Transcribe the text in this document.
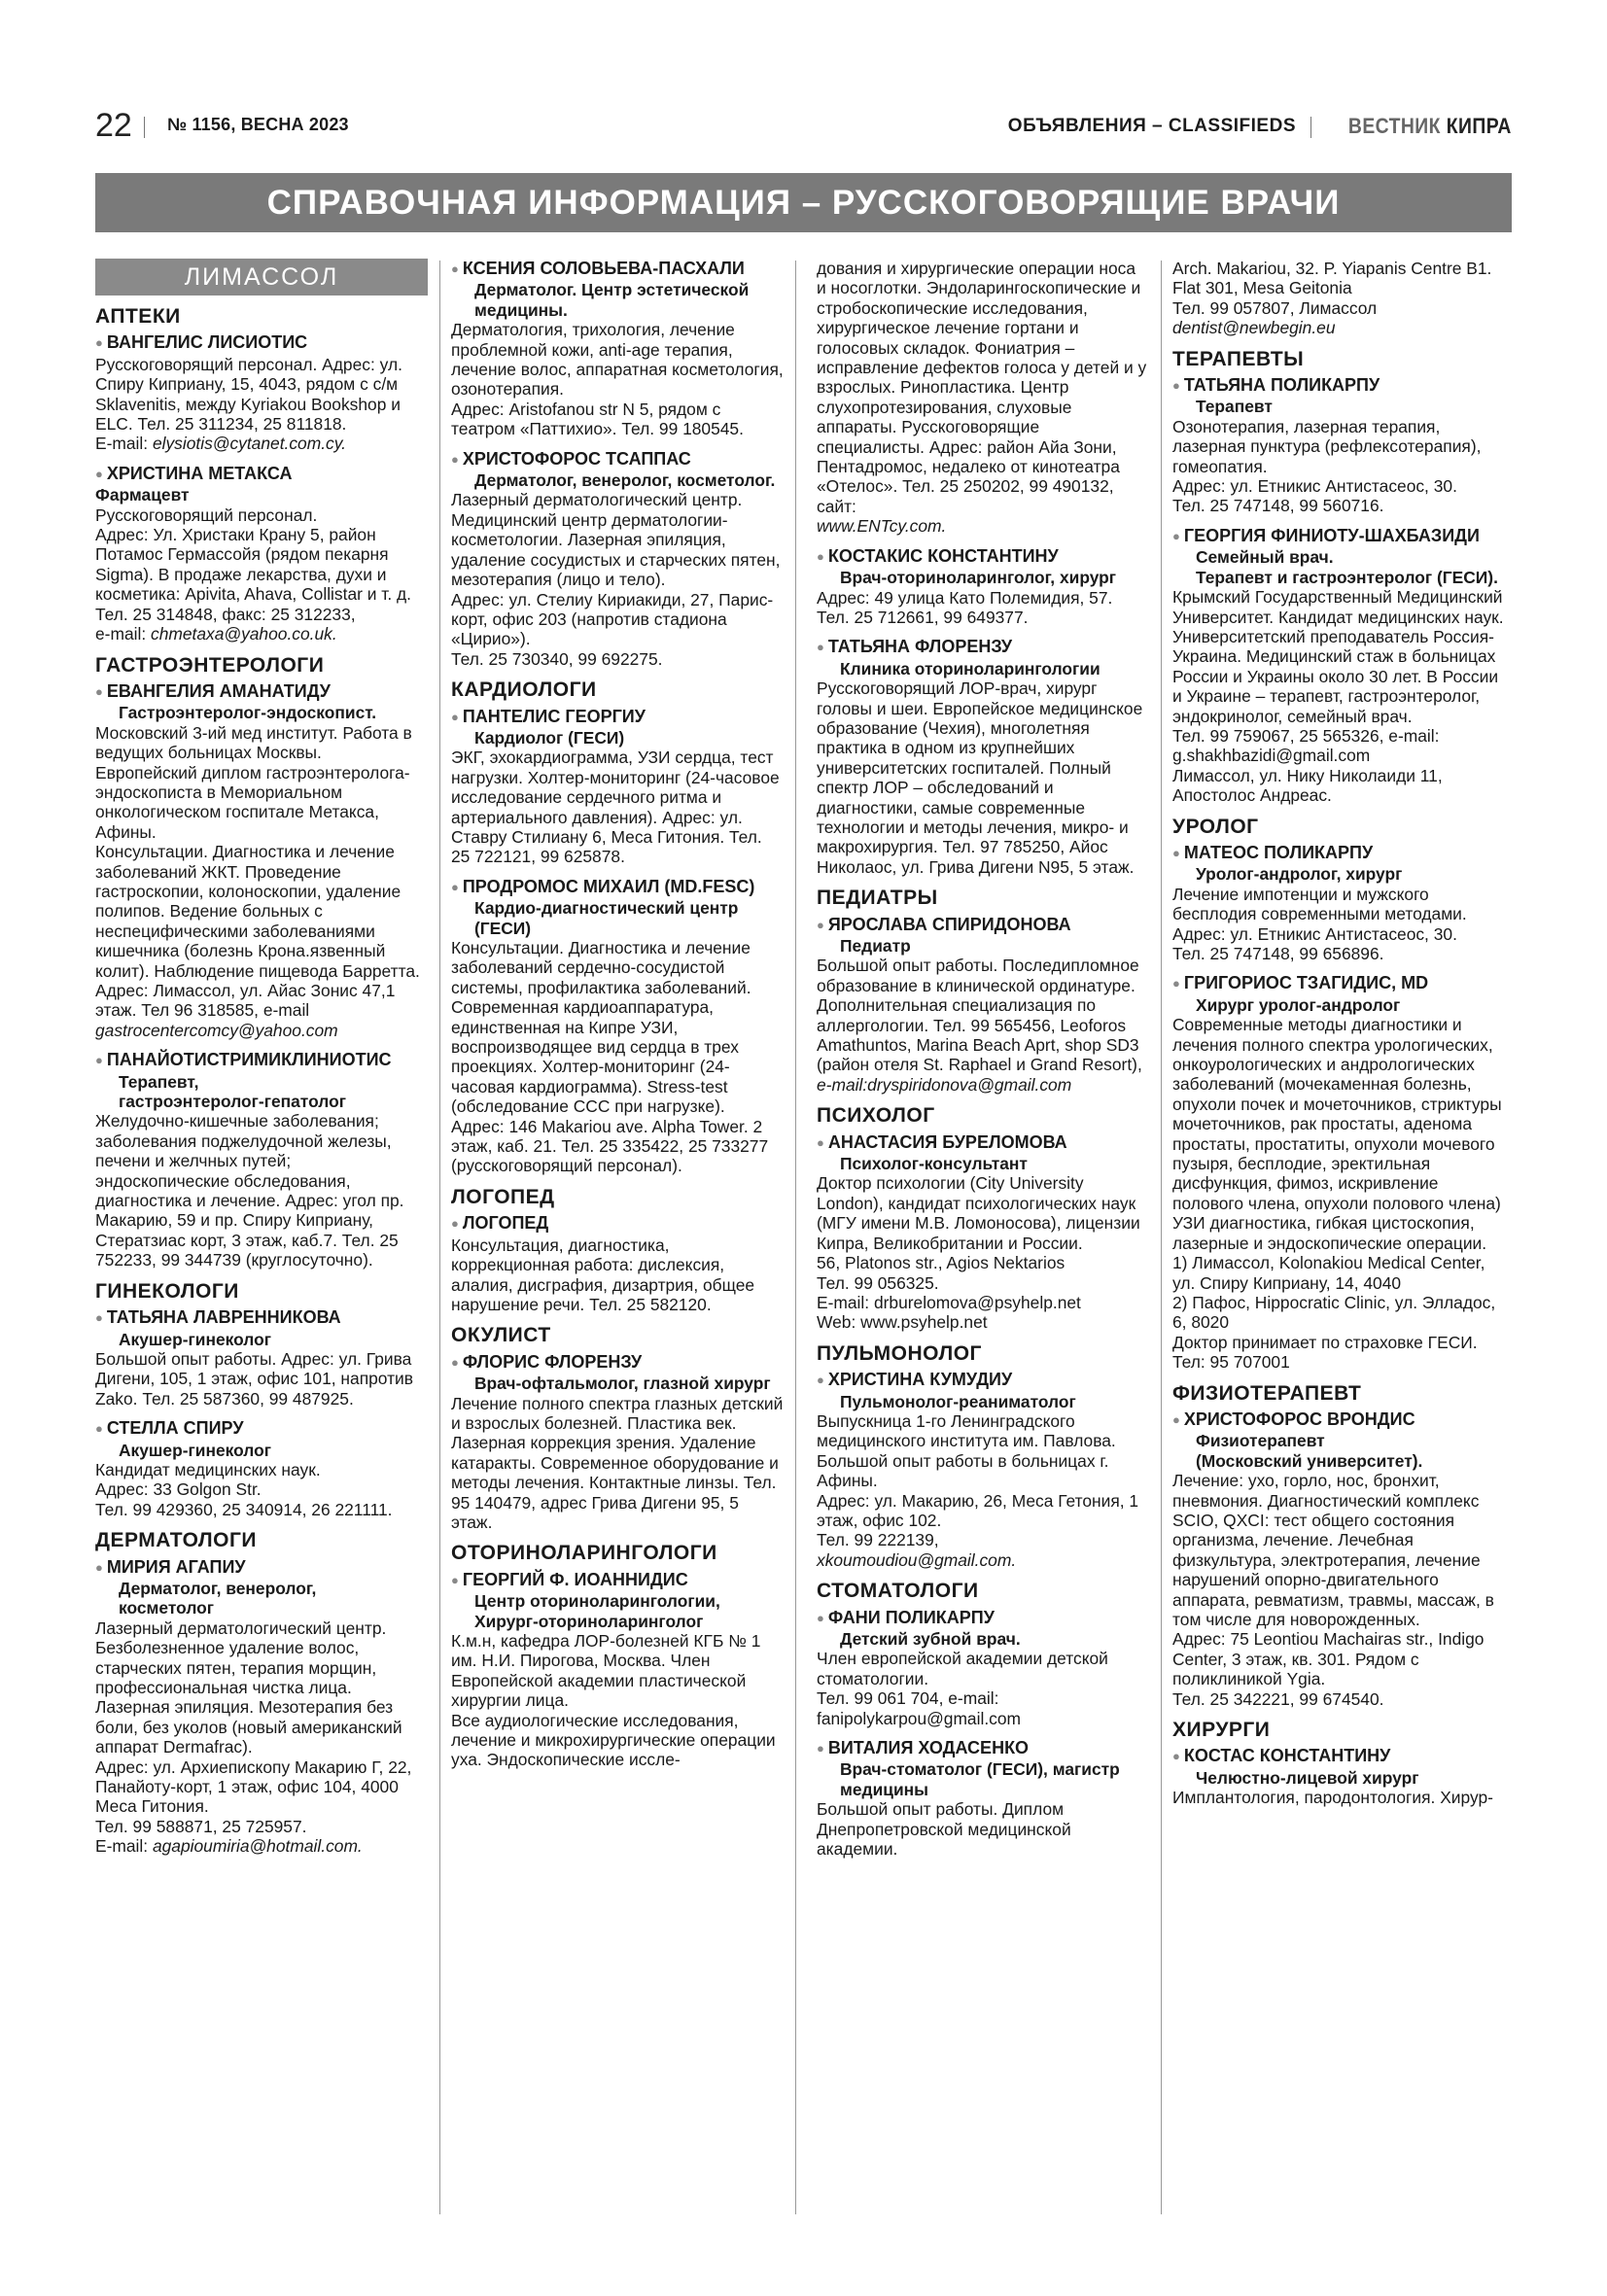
22 № 1156, ВЕСНА 2023	ОБЪЯВЛЕНИЯ – CLASSIFIEDS ВЕСТНИК КИПРА
СПРАВОЧНАЯ ИНФОРМАЦИЯ – РУССКОГОВОРЯЩИЕ ВРАЧИ
ЛИМАССОЛ
АПТЕКИ
● ВАНГЕЛИС ЛИСИОТИС

Русскоговорящий персонал. Адрес: ул. Спиру Киприану, 15, 4043, рядом с с/м Sklavenitis, между Kyriakou Bookshop и ELC. Тел. 25 311234, 25 811818.

E-mail: elysiotis@cytanet.com.cy.

● ХРИСТИНА МЕТАКСА
Фармацевт

Русскоговорящий персонал.

Адрес: Ул. Христаки Крану 5, район Потамос Гермассойя (рядом пекарня Sigma). В продаже лекарства, духи и косметика: Apivita, Ahava, Collistar и т. д. Тел. 25 314848, факс: 25 312233,

e-mail: chmetaxa@yahoo.co.uk.

ГАСТРОЭНТЕРОЛОГИ
● ЕВАНГЕЛИЯ АМАНАТИДУ
Гастроэнтеролог-эндоскопист.

Московский 3-ий мед институт. Работа в ведущих больницах Москвы. Европейский диплом гастроэнтеролога-эндоскописта в Мемориальном онкологическом госпитале Метакса, Афины.

Консультации. Диагностика и лечение заболеваний ЖКТ. Проведение гастроскопии, колоноскопии, удаление полипов. Ведение больных с неспецифическими заболеваниями кишечника (болезнь Крона.язвенный колит). Наблюдение пищевода Барретта. Адрес: Лимассол, ул. Айас Зонис 47,1 этаж. Тел 96 318585, e-mail

gastrocentercomcy@yahoo.com

● ПАНАЙОТИСТРИМИКЛИНИОТИС
Терапевт,
гастроэнтеролог-гепатолог

Желудочно-кишечные заболевания; заболевания поджелудочной железы, печени и желчных путей; эндоскопические обследования, диагностика и лечение. Адрес: угол пр. Макарию, 59 и пр. Спиру Киприану, Стератзиас корт, 3 этаж, каб.7. Тел. 25 752233, 99 344739 (круглосуточно).

ГИНЕКОЛОГИ
● ТАТЬЯНА ЛАВРЕННИКОВА
Акушер-гинеколог

Большой опыт работы. Адрес: ул. Грива Дигени, 105, 1 этаж, офис 101, напротив Zako. Тел. 25 587360, 99 487925.

● СТЕЛЛА СПИРУ
Акушер-гинеколог

Кандидат медицинских наук.

Адрес: 33 Golgon Str.

Тел. 99 429360, 25 340914, 26 221111.

ДЕРМАТОЛОГИ
● МИРИЯ АГАПИУ
Дерматолог, венеролог,
косметолог

Лазерный дерматологический центр. Безболезненное удаление волос, старческих пятен, терапия морщин, профессиональная чистка лица. Лазерная эпиляция. Мезотерапия без боли, без уколов (новый американский аппарат Dermafrac).

Адрес: ул. Архиепископу Макарию Г, 22, Панайоту-корт, 1 этаж, офис 104, 4000 Меса Гитония.

Тел. 99 588871, 25 725957.

E-mail: agapioumiria@hotmail.com.

● КСЕНИЯ СОЛОВЬЕВА-ПАСХАЛИ
Дерматолог. Центр эстетической медицины.

Дерматология, трихология, лечение проблемной кожи, anti-age терапия, лечение волос, аппаратная косметология, озонотерапия.

Адрес: Aristofanou str N 5, рядом с театром «Паттихио». Тел. 99 180545.

● ХРИСТОФОРОС ТСАППАС
Дерматолог, венеролог, косметолог.

Лазерный дерматологический центр. Медицинский центр дерматологии-косметологии. Лазерная эпиляция, удаление сосудистых и старческих пятен, мезотерапия (лицо и тело).

Адрес: ул. Стелиу Кириакиди, 27, Парис-корт, офис 203 (напротив стадиона «Цирио»).

Тел. 25 730340, 99 692275.

КАРДИОЛОГИ
● ПАНТЕЛИС ГЕОРГИУ
Кардиолог (ГЕСИ)

ЭКГ, эхокардиограмма, УЗИ сердца, тест нагрузки. Холтер-мониторинг (24-часовое исследование сердечного ритма и артериального давления). Адрес: ул. Ставру Стилиану 6, Меса Гитония. Тел. 25 722121, 99 625878.

● ПРОДРОМОС МИХАИЛ (MD.FESC)
Кардио-диагностический центр (ГЕСИ)

Консультации. Диагностика и лечение заболеваний сердечно-сосудистой системы, профилактика заболеваний. Современная кардиоаппаратура, единственная на Кипре УЗИ, воспроизводящее вид сердца в трех проекциях. Холтер-мониторинг (24-часовая кардиограмма). Stress-test (обследование ССС при нагрузке).

Адрес: 146 Makariou ave. Alpha Tower. 2 этаж, каб. 21. Тел. 25 335422, 25 733277 (русскоговорящий персонал).

ЛОГОПЕД
● ЛОГОПЕД

Консультация, диагностика, коррекционная работа: дислексия, алалия, дисграфия, дизартрия, общее нарушение речи. Тел. 25 582120.

ОКУЛИСТ
● ФЛОРИС ФЛОРЕНЗУ
Врач-офтальмолог, глазной хирург

Лечение полного спектра глазных детский и взрослых болезней. Пластика век. Лазерная коррекция зрения. Удаление катаракты. Современное оборудование и методы лечения. Контактные линзы. Тел. 95 140479, адрес Грива Дигени 95, 5 этаж.

ОТОРИНОЛАРИНГОЛОГИ
● ГЕОРГИЙ Ф. ИОАННИДИС
Центр оториноларингологии, Хирург-оториноларинголог

К.м.н, кафедра ЛОР-болезней КГБ № 1 им. Н.И. Пирогова, Москва. Член Европейской академии пластической хирургии лица.

Все аудиологические исследования, лечение и микрохирургические операции уха. Эндоскопические иссле-

дования и хирургические операции носа и носоглотки. Эндоларингоскопические и стробоскопические исследования, хирургическое лечение гортани и голосовых складок. Фониатрия – исправление дефектов голоса у детей и у взрослых. Ринопластика. Центр слухопротезирования, слуховые аппараты. Русскоговорящие специалисты. Адрес: район Айа Зони, Пентадромос, недалеко от кинотеатра «Отелос». Тел. 25 250202, 99 490132, сайт:

www.ENTcy.com.

● КОСТАКИС КОНСТАНТИНУ
Врач-оториноларинголог, хирург

Адрес: 49 улица Като Полемидия, 57. Тел. 25 712661, 99 649377.

● ТАТЬЯНА ФЛОРЕНЗУ
Клиника оториноларингологии

Русскоговорящий ЛОР-врач, хирург головы и шеи. Европейское медицинское образование (Чехия), многолетняя практика в одном из крупнейших университетских госпиталей. Полный спектр ЛОР – обследований и диагностики, самые современные технологии и методы лечения, микро- и макрохирургия. Тел. 97 785250, Айос Николаос, ул. Грива Дигени N95, 5 этаж.

ПЕДИАТРЫ
● ЯРОСЛАВА СПИРИДОНОВА
Педиатр

Большой опыт работы. Последипломное образование в клинической ординатуре. Дополнительная специализация по аллергологии. Тел. 99 565456, Leoforos Amathuntos, Marina Beach Aprt, shop SD3 (район отеля St. Raphael и Grand Resort),

e-mail:dryspiridonova@gmail.com

ПСИХОЛОГ
● АНАСТАСИЯ БУРЕЛОМОВА
Психолог-консультант

Доктор психологии (City University London), кандидат психологических наук (МГУ имени М.В. Ломоносова), лицензии Кипра, Великобритании и России.

56, Platonos str., Agios Nektarios

Тел. 99 056325.

E-mail: drburelomova@psyhelp.net

Web: www.psyhelp.net

ПУЛЬМОНОЛОГ
● ХРИСТИНА КУМУДИУ
Пульмонолог-реаниматолог

Выпускница 1-го Ленинградского медицинского института им. Павлова. Большой опыт работы в больницах г. Афины.

Адрес: ул. Макарию, 26, Меса Гетония, 1 этаж, офис 102.

Тел. 99 222139,

xkoumoudiou@gmail.com.

СТОМАТОЛОГИ
● ФАНИ ПОЛИКАРПУ
Детский зубной врач.

Член европейской академии детской стоматологии.

Тел. 99 061 704, e-mail: fanipolykarpou@gmail.com

● ВИТАЛИЯ ХОДАСЕНКО
Врач-стоматолог (ГЕСИ), магистр медицины

Большой опыт работы. Диплом Днепропетровской медицинской академии.

Arch. Makariou, 32. P. Yiapanis Centre B1. Flat 301, Mesa Geitonia

Тел. 99 057807, Лимассол

dentist@newbegin.eu

ТЕРАПЕВТЫ
● ТАТЬЯНА ПОЛИКАРПУ
Терапевт

Озонотерапия, лазерная терапия, лазерная пунктура (рефлексотерапия), гомеопатия.

Адрес: ул. Етникис Антистасеос, 30.

Тел. 25 747148, 99 560716.

● ГЕОРГИЯ ФИНИОТУ-ШАХБАЗИДИ
Семейный врач.
Терапевт и гастроэнтеролог (ГЕСИ).

Крымский Государственный Медицинский Университет. Кандидат медицинских наук. Университетский преподаватель Россия-Украина. Медицинский стаж в больницах России и Украины около 30 лет. В России и Украине – терапевт, гастроэнтеролог, эндокринолог, семейный врач.

Тел. 99 759067, 25 565326, e-mail: g.shakhbazidi@gmail.com

Лимассол, ул. Нику Николаиди 11, Апостолос Андреас.

УРОЛОГ
● МАТЕОС ПОЛИКАРПУ
Уролог-андролог, хирург

Лечение импотенции и мужского бесплодия современными методами.

Адрес: ул. Етникис Антистасеос, 30.

Тел. 25 747148, 99 656896.

● ГРИГОРИОС ТЗАГИДИС, MD
Хирург уролог-андролог

Современные методы диагностики и лечения полного спектра урологических, онкоурологических и андрологических заболеваний (мочекаменная болезнь, опухоли почек и мочеточников, стриктуры мочеточников, рак простаты, аденома простаты, простатиты, опухоли мочевого пузыря, бесплодие, эректильная дисфункция, фимоз, искривление полового члена, опухоли полового члена)

УЗИ диагностика, гибкая цистоскопия, лазерные и эндоскопические операции.

1) Лимассол, Kolonakiou Medical Center, ул. Спиру Киприану, 14, 4040

2) Пафос, Hippocratic Clinic, ул. Элладос, 6, 8020

Доктор принимает по страховке ГЕСИ.

Тел: 95 707001

ФИЗИОТЕРАПЕВТ
● ХРИСТОФОРОС ВРОНДИС
Физиотерапевт
(Московский университет).

Лечение: ухо, горло, нос, бронхит, пневмония. Диагностический комплекс SCIO, QXCI: тест общего состояния организма, лечение. Лечебная физкультура, электротерапия, лечение нарушений опорно-двигательного аппарата, ревматизм, травмы, массаж, в том числе для новорожденных.

Адрес: 75 Leontiou Machairas str., Indigo Center, 3 этаж, кв. 301. Рядом с поликлиникой Ygia.

Тел. 25 342221, 99 674540.

ХИРУРГИ
● КОСТАС КОНСТАНТИНУ
Челюстно-лицевой хирург

Имплантология, пародонтология. Хирур-
